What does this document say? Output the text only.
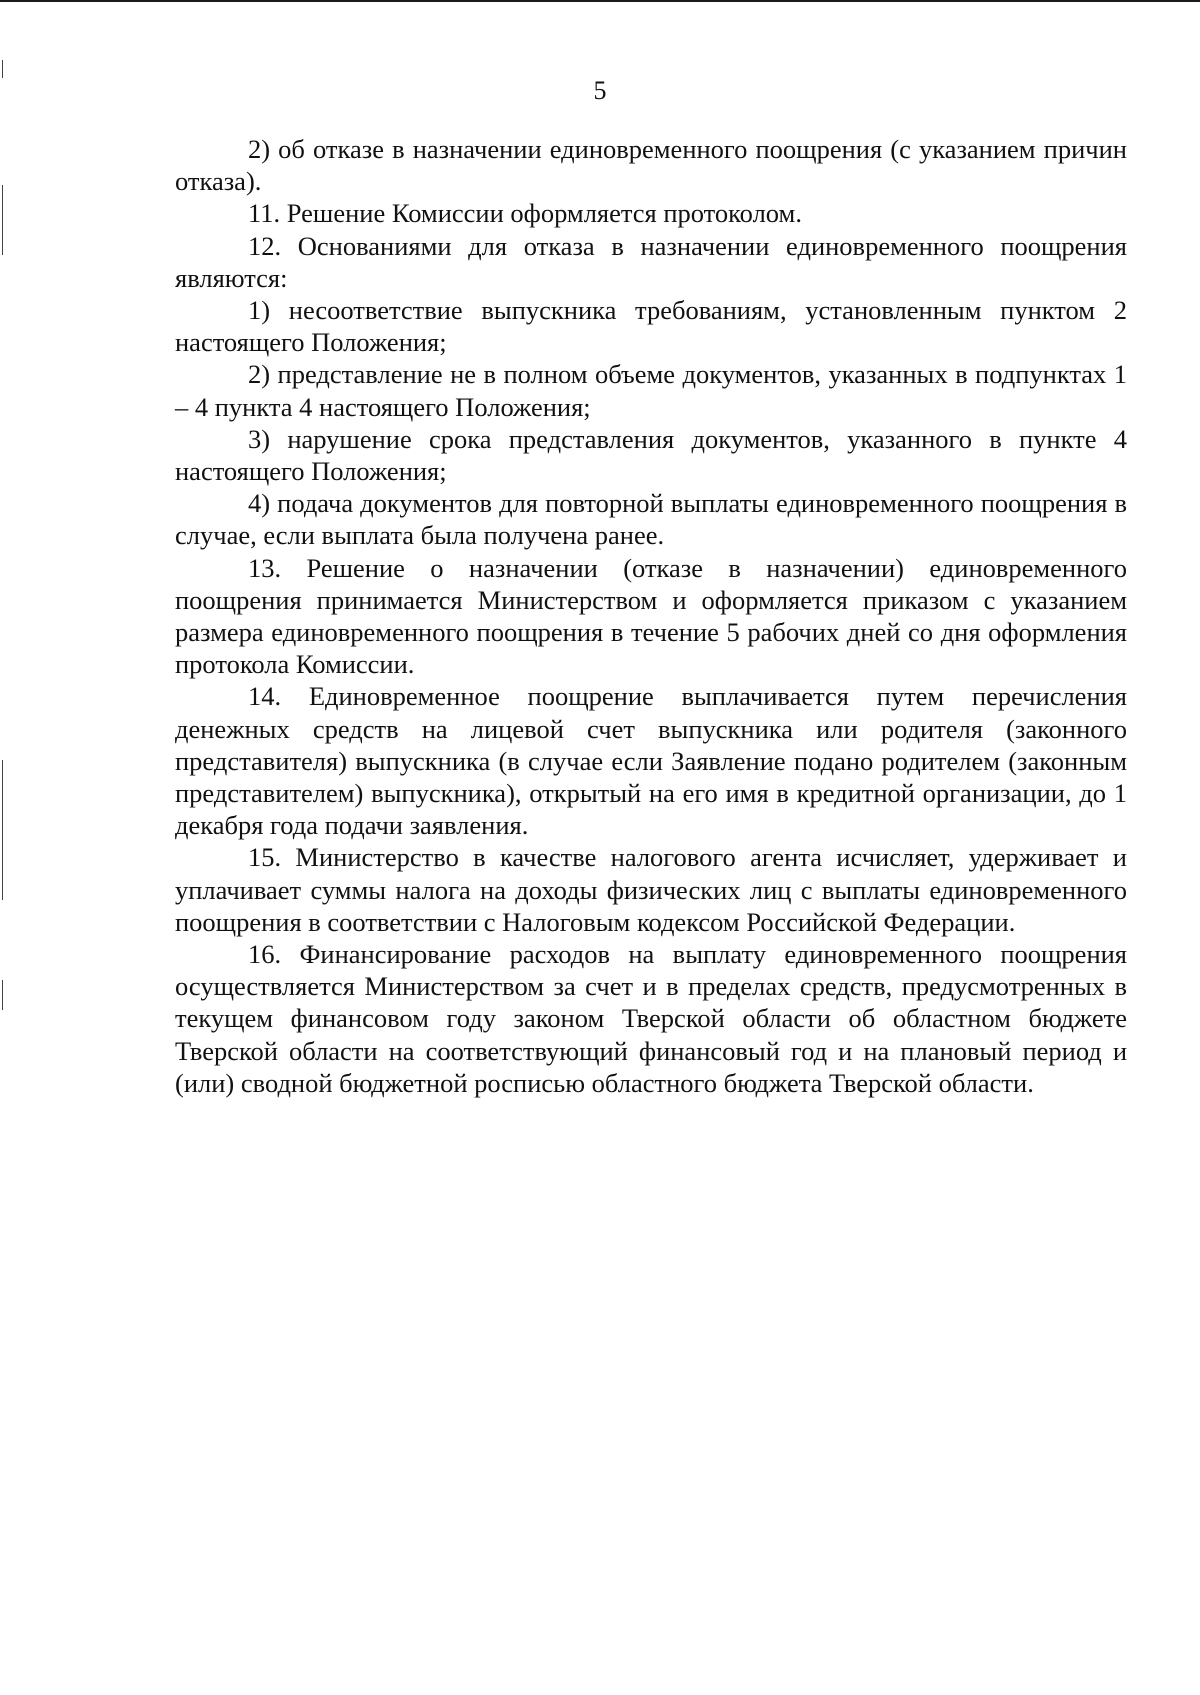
5

2) об отказе в назначении единовременного поощрения (с указанием причин отказа).

11. Решение Комиссии оформляется протоколом.

12. Основаниями для отказа в назначении единовременного поощрения являются:

1) несоответствие выпускника требованиям, установленным пунктом 2 настоящего Положения;

2) представление не в полном объеме документов, указанных в подпунктах 1 – 4 пункта 4 настоящего Положения;

3) нарушение срока представления документов, указанного в пункте 4 настоящего Положения;

4) подача документов для повторной выплаты единовременного поощрения в случае, если выплата была получена ранее.

13. Решение о назначении (отказе в назначении) единовременного поощрения принимается Министерством и оформляется приказом с указанием размера единовременного поощрения в течение 5 рабочих дней со дня оформления протокола Комиссии.

14. Единовременное поощрение выплачивается путем перечисления денежных средств на лицевой счет выпускника или родителя (законного представителя) выпускника (в случае если Заявление подано родителем (законным представителем) выпускника), открытый на его имя в кредитной организации, до 1 декабря года подачи заявления.

15. Министерство в качестве налогового агента исчисляет, удерживает и уплачивает суммы налога на доходы физических лиц с выплаты единовременного поощрения в соответствии с Налоговым кодексом Российской Федерации.

16. Финансирование расходов на выплату единовременного поощрения осуществляется Министерством за счет и в пределах средств, предусмотренных в текущем финансовом году законом Тверской области об областном бюджете Тверской области на соответствующий финансовый год и на плановый период и (или) сводной бюджетной росписью областного бюджета Тверской области.
